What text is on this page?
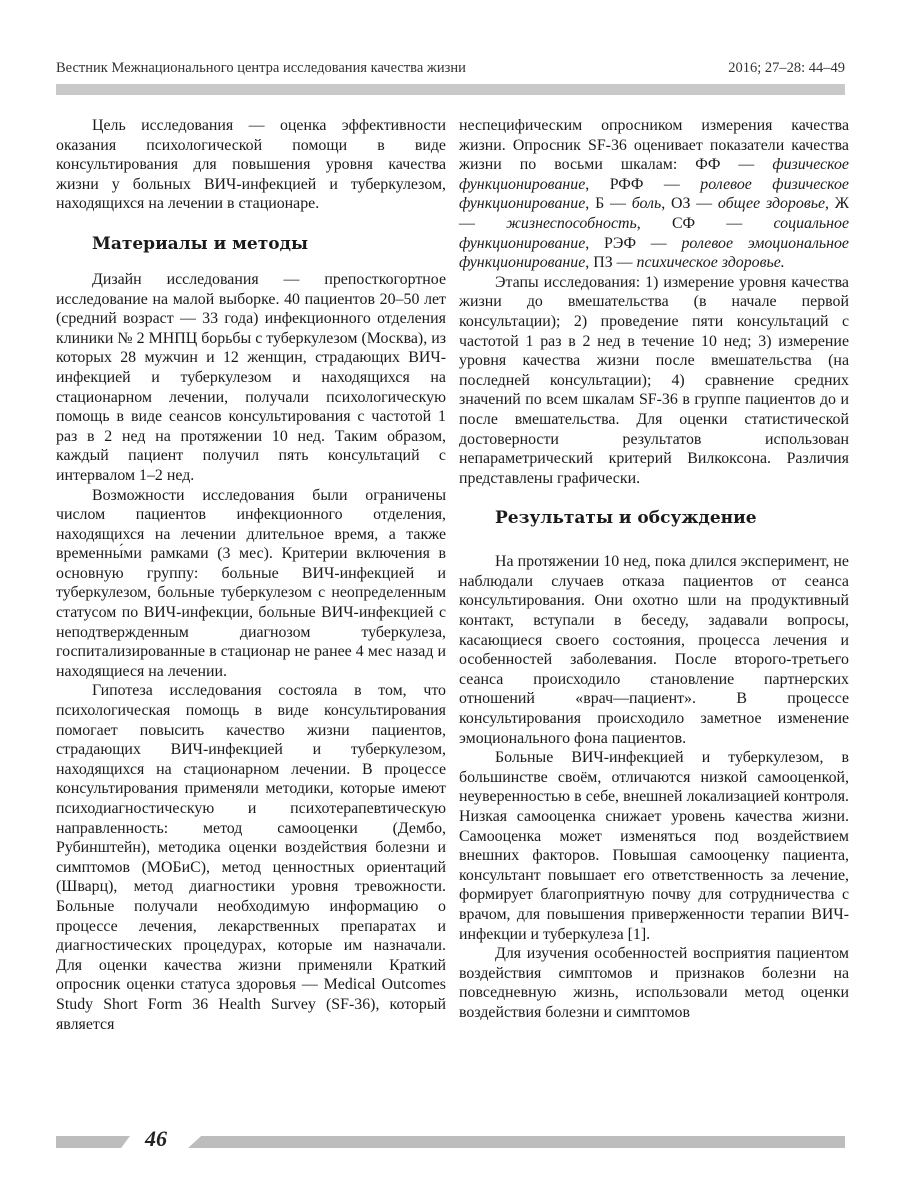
Вестник Межнационального центра исследования качества жизни	2016; 27–28: 44–49

Цель исследования — оценка эффективности оказания психологической помощи в виде консультирования для повышения уровня качества жизни у больных ВИЧ-инфекцией и туберкулезом, находящихся на лечении в стационаре.

Материалы и методы

Дизайн исследования — препосткогортное исследование на малой выборке. 40 пациентов 20–50 лет (средний возраст — 33 года) инфекционного отделения клиники № 2 МНПЦ борьбы с туберкулезом (Москва), из которых 28 мужчин и 12 женщин, страдающих ВИЧ-инфекцией и туберкулезом и находящихся на стационарном лечении, получали психологическую помощь в виде сеансов консультирования с частотой 1 раз в 2 нед на протяжении 10 нед. Таким образом, каждый пациент получил пять консультаций с интервалом 1–2 нед.

Возможности исследования были ограничены числом пациентов инфекционного отделения, находящихся на лечении длительное время, а также временны́ми рамками (3 мес). Критерии включения в основную группу: больные ВИЧ-инфекцией и туберкулезом, больные туберкулезом с неопределенным статусом по ВИЧ-инфекции, больные ВИЧ-инфекцией с неподтвержденным диагнозом туберкулеза, госпитализированные в стационар не ранее 4 мес назад и находящиеся на лечении.

Гипотеза исследования состояла в том, что психологическая помощь в виде консультирования помогает повысить качество жизни пациентов, страдающих ВИЧ-инфекцией и туберкулезом, находящихся на стационарном лечении. В процессе консультирования применяли методики, которые имеют психодиагностическую и психотерапевтическую направленность: метод самооценки (Дембо, Рубинштейн), методика оценки воздействия болезни и симптомов (МОБиС), метод ценностных ориентаций (Шварц), метод диагностики уровня тревожности. Больные получали необходимую информацию о процессе лечения, лекарственных препаратах и диагностических процедурах, которые им назначали. Для оценки качества жизни применяли Краткий опросник оценки статуса здоровья — Medical Outcomes Study Short Form 36 Health Survey (SF-36), который является

неспецифическим опросником измерения качества жизни. Опросник SF-36 оценивает показатели качества жизни по восьми шкалам: ФФ — физическое функционирование, РФФ — ролевое физическое функционирование, Б — боль, ОЗ — общее здоровье, Ж — жизнеспособность, СФ — социальное функционирование, РЭФ — ролевое эмоциональное функционирование, ПЗ — психическое здоровье.

Этапы исследования: 1) измерение уровня качества жизни до вмешательства (в начале первой консультации); 2) проведение пяти консультаций с частотой 1 раз в 2 нед в течение 10 нед; 3) измерение уровня качества жизни после вмешательства (на последней консультации); 4) сравнение средних значений по всем шкалам SF-36 в группе пациентов до и после вмешательства. Для оценки статистической достоверности результатов использован непараметрический критерий Вилкоксона. Различия представлены графически.

Результаты и обсуждение

На протяжении 10 нед, пока длился эксперимент, не наблюдали случаев отказа пациентов от сеанса консультирования. Они охотно шли на продуктивный контакт, вступали в беседу, задавали вопросы, касающиеся своего состояния, процесса лечения и особенностей заболевания. После второго-третьего сеанса происходило становление партнерских отношений «врач—пациент». В процессе консультирования происходило заметное изменение эмоционального фона пациентов.

Больные ВИЧ-инфекцией и туберкулезом, в большинстве своём, отличаются низкой самооценкой, неуверенностью в себе, внешней локализацией контроля. Низкая самооценка снижает уровень качества жизни. Самооценка может изменяться под воздействием внешних факторов. Повышая самооценку пациента, консультант повышает его ответственность за лечение, формирует благоприятную почву для сотрудничества с врачом, для повышения приверженности терапии ВИЧ-инфекции и туберкулеза [1].

Для изучения особенностей восприятия пациентом воздействия симптомов и признаков болезни на повседневную жизнь, использовали метод оценки воздействия болезни и симптомов

46
